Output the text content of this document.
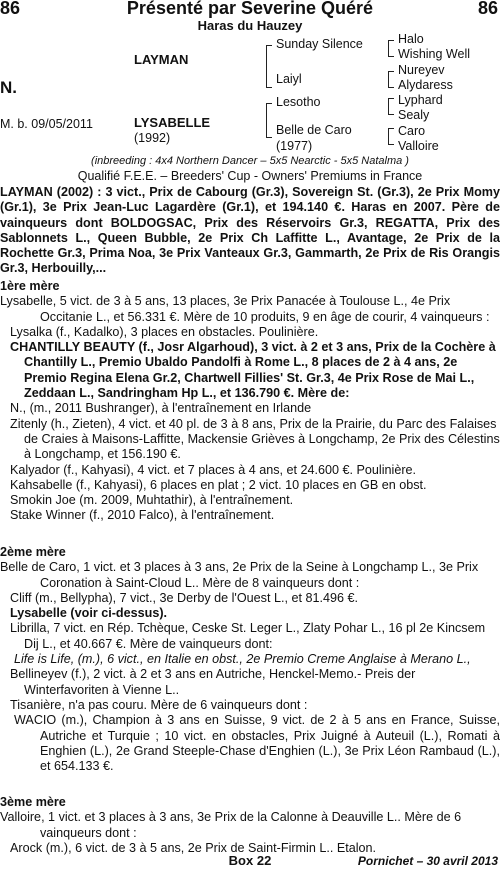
86	Présenté par Severine Quéré	86
Haras du Hauzey
N.
M. b. 09/05/2011
LAYMAN
LYSABELLE
(1992)
Sunday Silence
Laiyl
Lesotho
Belle de Caro
(1977)
Halo
Wishing Well
Nureyev
Alydaress
Lyphard
Sealy
Caro
Valloire
(inbreeding : 4x4 Northern Dancer – 5x5 Nearctic - 5x5 Natalma )
Qualifié F.E.E. – Breeders' Cup - Owners' Premiums in France

LAYMAN (2002) : 3 vict., Prix de Cabourg (Gr.3), Sovereign St. (Gr.3), 2e Prix Momy (Gr.1), 3e Prix Jean-Luc Lagardère (Gr.1), et 194.140 €. Haras en 2007. Père de vainqueurs dont BOLDOGSAC, Prix des Réservoirs Gr.3, REGATTA, Prix des Sablonnets L., Queen Bubble, 2e Prix Ch Laffitte L., Avantage, 2e Prix de la Rochette Gr.3, Prima Noa, 3e Prix Vanteaux Gr.3, Gammarth, 2e Prix de Ris Orangis Gr.3, Herbouilly,...

1ère mère

Lysabelle, 5 vict. de 3 à 5 ans, 13 places, 3e Prix Panacée à Toulouse L., 4e Prix Occitanie L., et 56.331 €. Mère de 10 produits, 9 en âge de courir, 4 vainqueurs :

Lysalka (f., Kadalko), 3 places en obstacles. Poulinière.

CHANTILLY BEAUTY (f., Josr Algarhoud), 3 vict. à 2 et 3 ans, Prix de la Cochère à Chantilly L., Premio Ubaldo Pandolfi à Rome L., 8 places de 2 à 4 ans, 2e Premio Regina Elena Gr.2, Chartwell Fillies' St. Gr.3, 4e Prix Rose de Mai L., Zeddaan L., Sandringham Hp L., et 136.790 €. Mère de:

N., (m., 2011 Bushranger), à l'entraînement en Irlande

Zitenly (h., Zieten), 4 vict. et 40 pl. de 3 à 8 ans, Prix de la Prairie, du Parc des Falaises de Craies à Maisons-Laffitte, Mackensie Grièves à Longchamp, 2e Prix des Célestins à Longchamp, et 156.190 €.

Kalyador (f., Kahyasi), 4 vict. et 7 places à 4 ans, et 24.600 €. Poulinière.

Kahsabelle (f., Kahyasi), 6 places en plat ; 2 vict. 10 places en GB en obst.

Smokin Joe (m. 2009, Muhtathir), à l'entraînement.

Stake Winner (f., 2010 Falco), à l'entraînement.

2ème mère

Belle de Caro, 1 vict. et 3 places à 3 ans, 2e Prix de la Seine à Longchamp L., 3e Prix Coronation à Saint-Cloud L.. Mère de 8 vainqueurs dont :

Cliff (m., Bellypha), 7 vict., 3e Derby de l'Ouest L., et 81.496 €.

Lysabelle (voir ci-dessus).

Librilla, 7 vict. en Rép. Tchèque, Ceske St. Leger L., Zlaty Pohar L., 16 pl 2e Kincsem Dij L., et 40.667 €. Mère de vainqueurs dont:

Life is Life, (m.), 6 vict., en Italie en obst., 2e Premio Creme Anglaise à Merano L.,

Bellineyev (f.), 2 vict. à 2 et 3 ans en Autriche, Henckel-Memo.- Preis der Winterfavoriten à Vienne L..

Tisanière, n'a pas couru. Mère de 6 vainqueurs dont :

WACIO (m.), Champion à 3 ans en Suisse, 9 vict. de 2 à 5 ans en France, Suisse, Autriche et Turquie ; 10 vict. en obstacles, Prix Juigné à Auteuil (L.), Romati à Enghien (L.), 2e Grand Steeple-Chase d'Enghien (L.), 3e Prix Léon Rambaud (L.), et 654.133 €.

3ème mère

Valloire, 1 vict. et 3 places à 3 ans, 3e Prix de la Calonne à Deauville L.. Mère de 6 vainqueurs dont :

Arock (m.), 6 vict. de 3 à 5 ans, 2e Prix de Saint-Firmin L.. Etalon.

Box 22	Pornichet – 30 avril 2013
